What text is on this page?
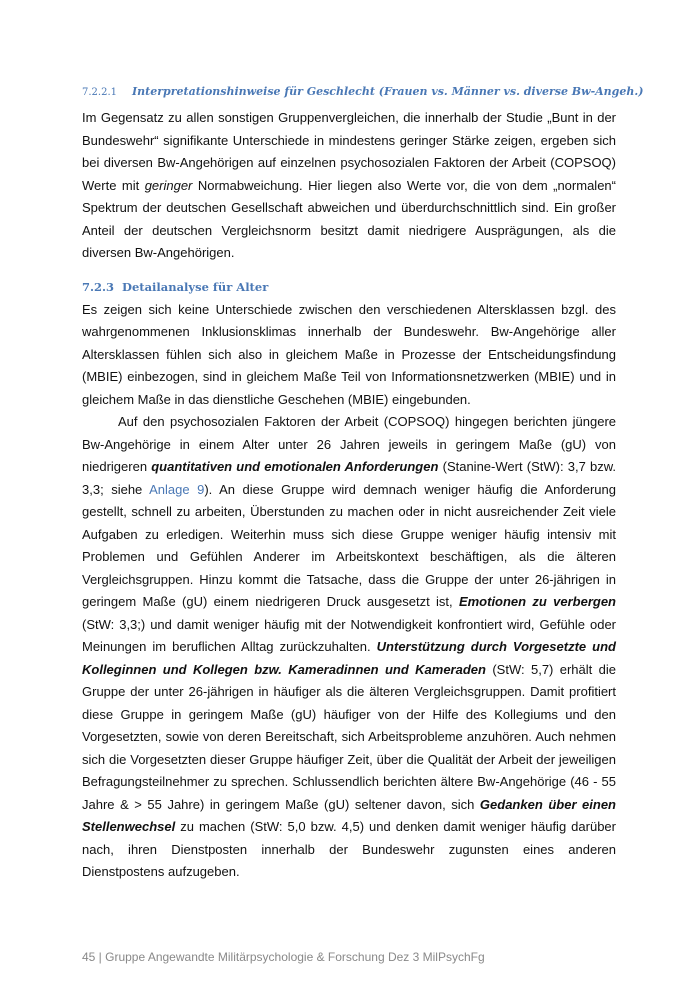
7.2.2.1 Interpretationshinweise für Geschlecht (Frauen vs. Männer vs. diverse Bw-Angeh.)

Im Gegensatz zu allen sonstigen Gruppenvergleichen, die innerhalb der Studie „Bunt in der Bundeswehr“ signifikante Unterschiede in mindestens geringer Stärke zeigen, ergeben sich bei diversen Bw-Angehörigen auf einzelnen psychosozialen Faktoren der Arbeit (COPSOQ) Werte mit geringer Normabweichung. Hier liegen also Werte vor, die von dem „normalen“ Spektrum der deutschen Gesellschaft abweichen und überdurchschnittlich sind. Ein großer Anteil der deutschen Vergleichsnorm besitzt damit niedrigere Ausprägungen, als die diversen Bw-Angehörigen.

7.2.3 Detailanalyse für Alter

Es zeigen sich keine Unterschiede zwischen den verschiedenen Altersklassen bzgl. des wahrgenommenen Inklusionsklimas innerhalb der Bundeswehr. Bw-Angehörige aller Altersklassen fühlen sich also in gleichem Maße in Prozesse der Entscheidungsfindung (MBIE) einbezogen, sind in gleichem Maße Teil von Informationsnetzwerken (MBIE) und in gleichem Maße in das dienstliche Geschehen (MBIE) eingebunden.

Auf den psychosozialen Faktoren der Arbeit (COPSOQ) hingegen berichten jüngere Bw-Angehörige in einem Alter unter 26 Jahren jeweils in geringem Maße (gU) von niedrigeren quantitativen und emotionalen Anforderungen (Stanine-Wert (StW): 3,7 bzw. 3,3; siehe Anlage 9). An diese Gruppe wird demnach weniger häufig die Anforderung gestellt, schnell zu arbeiten, Überstunden zu machen oder in nicht ausreichender Zeit viele Aufgaben zu erledigen. Weiterhin muss sich diese Gruppe weniger häufig intensiv mit Problemen und Gefühlen Anderer im Arbeitskontext beschäftigen, als die älteren Vergleichsgruppen. Hinzu kommt die Tatsache, dass die Gruppe der unter 26-jährigen in geringem Maße (gU) einem niedrigeren Druck ausgesetzt ist, Emotionen zu verbergen (StW: 3,3;) und damit weniger häufig mit der Notwendigkeit konfrontiert wird, Gefühle oder Meinungen im beruflichen Alltag zurückzuhalten. Unterstützung durch Vorgesetzte und Kolleginnen und Kollegen bzw. Kameradinnen und Kameraden (StW: 5,7) erhält die Gruppe der unter 26-jährigen in häufiger als die älteren Vergleichsgruppen. Damit profitiert diese Gruppe in geringem Maße (gU) häufiger von der Hilfe des Kollegiums und den Vorgesetzten, sowie von deren Bereitschaft, sich Arbeitsprobleme anzuhören. Auch nehmen sich die Vorgesetzten dieser Gruppe häufiger Zeit, über die Qualität der Arbeit der jeweiligen Befragungsteilnehmer zu sprechen. Schlussendlich berichten ältere Bw-Angehörige (46 - 55 Jahre & > 55 Jahre) in geringem Maße (gU) seltener davon, sich Gedanken über einen Stellenwechsel zu machen (StW: 5,0 bzw. 4,5) und denken damit weniger häufig darüber nach, ihren Dienstposten innerhalb der Bundeswehr zugunsten eines anderen Dienstpostens aufzugeben.

45 | Gruppe Angewandte Militärpsychologie & Forschung Dez 3 MilPsychFg
